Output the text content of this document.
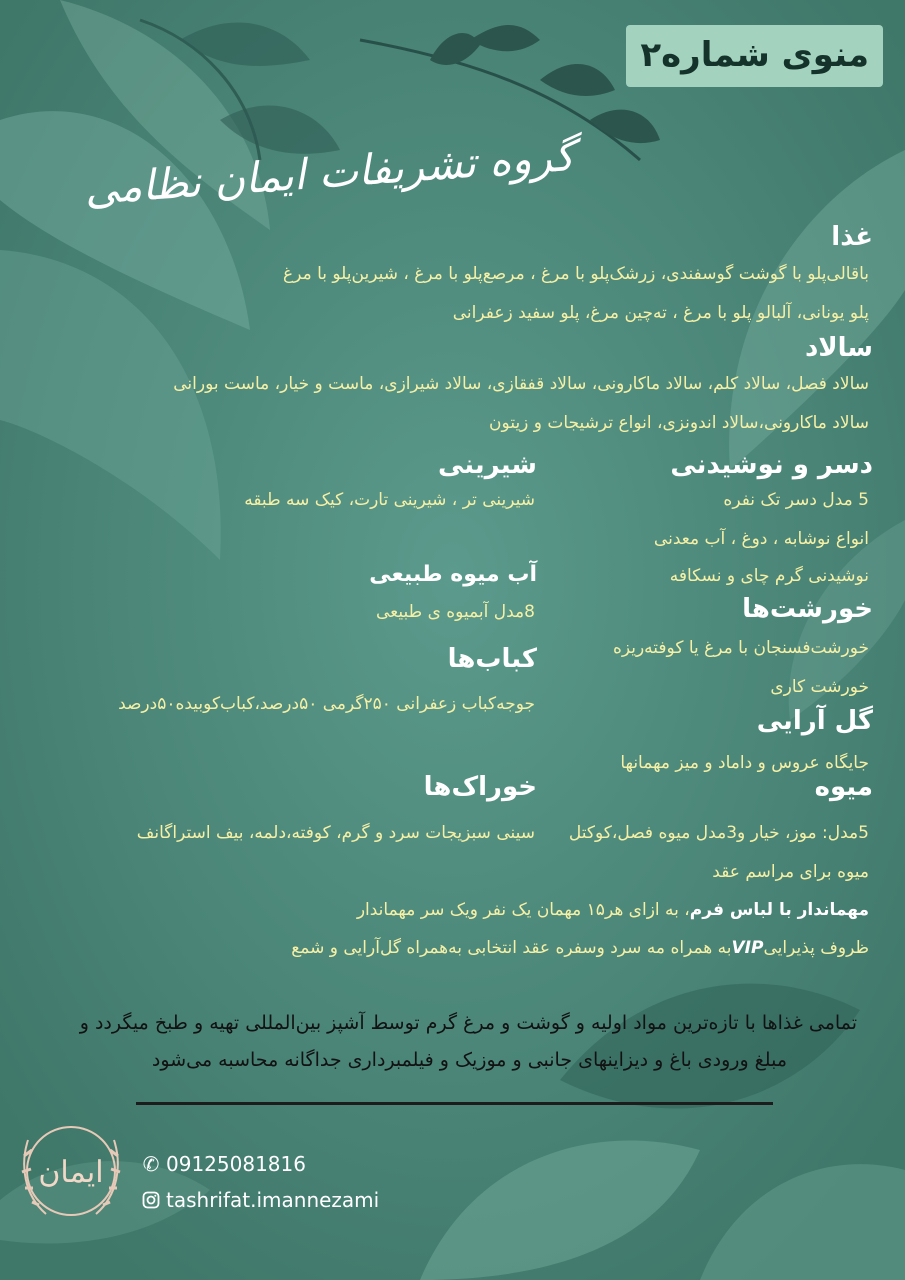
منوی شماره۲
گروه تشریفات ایمان نظامی
غذا
باقالی‌پلو با گوشت گوسفندی، زرشک‌پلو با مرغ ، مرصع‌پلو با مرغ ، شیرین‌پلو با مرغ
پلو یونانی، آلبالو پلو با مرغ ، ته‌چین مرغ، پلو سفید زعفرانی
سالاد
سالاد فصل، سالاد کلم، سالاد ماکارونی، سالاد قفقازی، سالاد شیرازی، ماست و خیار، ماست بورانی
سالاد ماکارونی،سالاد اندونزی، انواع ترشیجات و زیتون
دسر و نوشیدنی
5 مدل دسر تک نفره
انواع نوشابه ، دوغ ، آب معدنی
نوشیدنی گرم چای و نسکافه
خورشت‌ها
خورشت‌فسنجان با مرغ یا کوفته‌ریزه
خورشت کاری
گل آرایی
جایگاه عروس و داماد و میز مهمانها
میوه
5مدل: موز، خیار و3مدل میوه فصل،کوکتل
میوه برای مراسم عقد
شیرینی
شیرینی تر ، شیرینی تارت، کیک سه طبقه
آب میوه طبیعی
8مدل آبمیوه ی طبیعی
کباب‌ها
جوجه‌کباب زعفرانی ۲۵۰گرمی ۵۰درصد،کباب‌کوبیده۵۰درصد
خوراک‌ها
سینی سبزیجات سرد و گرم، کوفته،دلمه، بیف استراگانف
مهماندار با لباس فرم، به ازای هر۱۵ مهمان یک نفر ویک سر مهماندار
ظروف پذیراییVIPبه همراه مه سرد وسفره عقد انتخابی به‌همراه گل‌آرایی و شمع
تمامی غذاها با تازه‌ترین مواد اولیه و گوشت و مرغ گرم توسط آشپز بین‌المللی تهیه و طبخ میگردد و
مبلغ ورودی باغ و دیزاینهای جانبی و موزیک و فیلمبرداری جداگانه محاسبه می‌شود
ایمان ✆ 09125081816
tashrifat.imannezami
